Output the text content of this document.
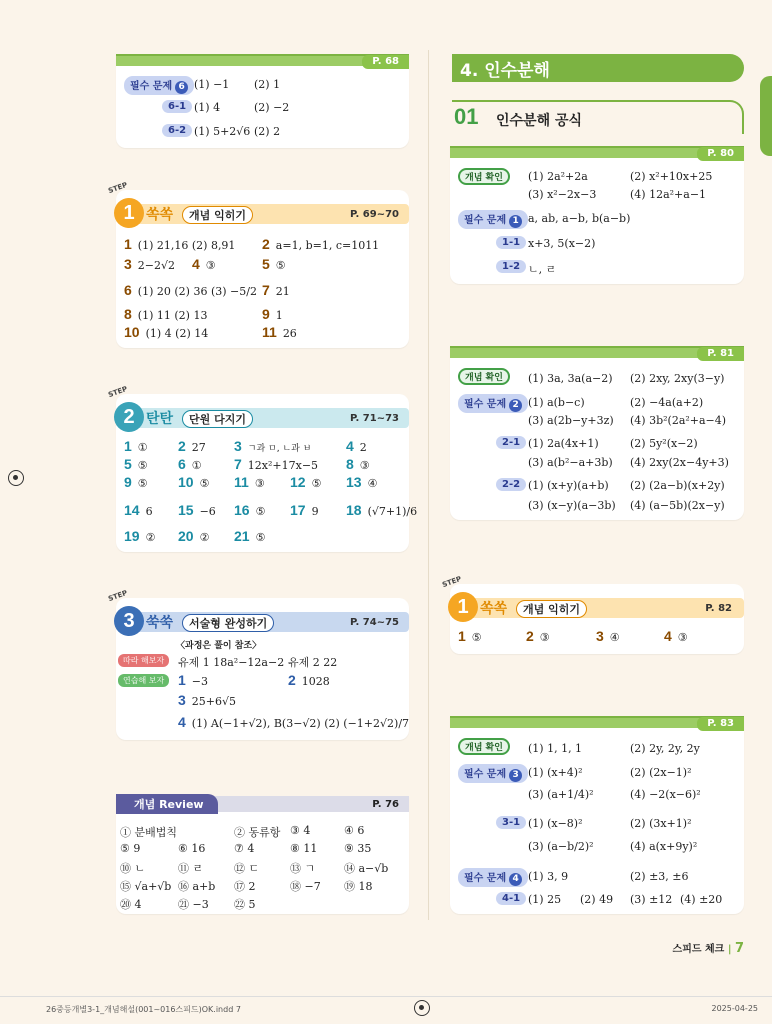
P. 68
필수 문제 6 (1) −1 (2) 1
6-1 (1) 4	(2) −2
6-2 (1) 5+2√6 (2) 2
STEP
1 쏙쏙	개념 익히기	P. 69~70
1 (1) 21,16 (2) 8,91 2 a=1, b=1, c=1011
3 2−2√2 4 ③	5 ⑤
6 (1) 20 (2) 36 (3) −5/2 7 21
8 (1) 11 (2) 13	9 1
10 (1) 4 (2) 14	11 26
STEP
2 탄탄	단원 다지기	P. 71~73
1 ① 2 27 3 ㄱ과 ㅁ, ㄴ과 ㅂ 4 2
5 ⑤ 6 ① 7 12x²+17x−5 8 ③
9 ⑤ 10 ⑤ 11 ③ 12 ⑤ 13 ④
14 6 15 −6 16 ⑤ 17 9 18 (√7+1)/6
19 ② 20 ② 21 ⑤
STEP
3 쑥쑥	서술형 완성하기	P. 74~75
〈과정은 풀이 참조〉
따라 해보자	유제 1 18a²−12a−2 유제 2 22
연습해 보자 1 −3	2 1028
3 25+6√5
4 (1) A(−1+√2), B(3−√2) (2) (−1+2√2)/7
개념 Review	P. 76
① 분배법칙	② 동류항 ③ 4	④ 6
⑤ 9	⑥ 16	⑦ 4	⑧ 11 ⑨ 35
⑩ ㄴ	⑪ ㄹ	⑫ ㄷ	⑬ ㄱ	⑭ a−√b
⑮ √a+√b ⑯ a+b ⑰ 2	⑱ −7 ⑲ 18
⑳ 4	㉑ −3 ㉒ 5
4. 인수분해
01 인수분해 공식
P. 80
개념 확인	(1) 2a²+2a	(2) x²+10x+25
(3) x²−2x−3	(4) 12a²+a−1
필수 문제 1 a, ab, a−b, b(a−b)
1-1 x+3, 5(x−2)
1-2 ㄴ, ㄹ
P. 81
개념 확인	(1) 3a, 3a(a−2) (2) 2xy, 2xy(3−y)
필수 문제 2 (1) a(b−c)	(2) −4a(a+2)
(3) a(2b−y+3z) (4) 3b²(2a²+a−4)
2-1 (1) 2a(4x+1)	(2) 5y²(x−2)
(3) a(b²−a+3b) (4) 2xy(2x−4y+3)
2-2 (1) (x+y)(a+b) (2) (2a−b)(x+2y)
(3) (x−y)(a−3b) (4) (a−5b)(2x−y)
STEP
1 쏙쏙	개념 익히기	P. 82
1 ⑤	2 ③	3 ④	4 ③
P. 83
개념 확인	(1) 1, 1, 1	(2) 2y, 2y, 2y
필수 문제 3 (1) (x+4)²	(2) (2x−1)²
(3) (a+1/4)²	(4) −2(x−6)²
3-1 (1) (x−8)²	(2) (3x+1)²
(3) (a−b/2)²	(4) a(x+9y)²
필수 문제 4 (1) 3, 9	(2) ±3, ±6
4-1 (1) 25 (2) 49 (3) ±12 (4) ±20
스피드 체크 | 7
26중등개별3-1_개념해설(001~016스피드)OK.indd 7	2025-04-25
